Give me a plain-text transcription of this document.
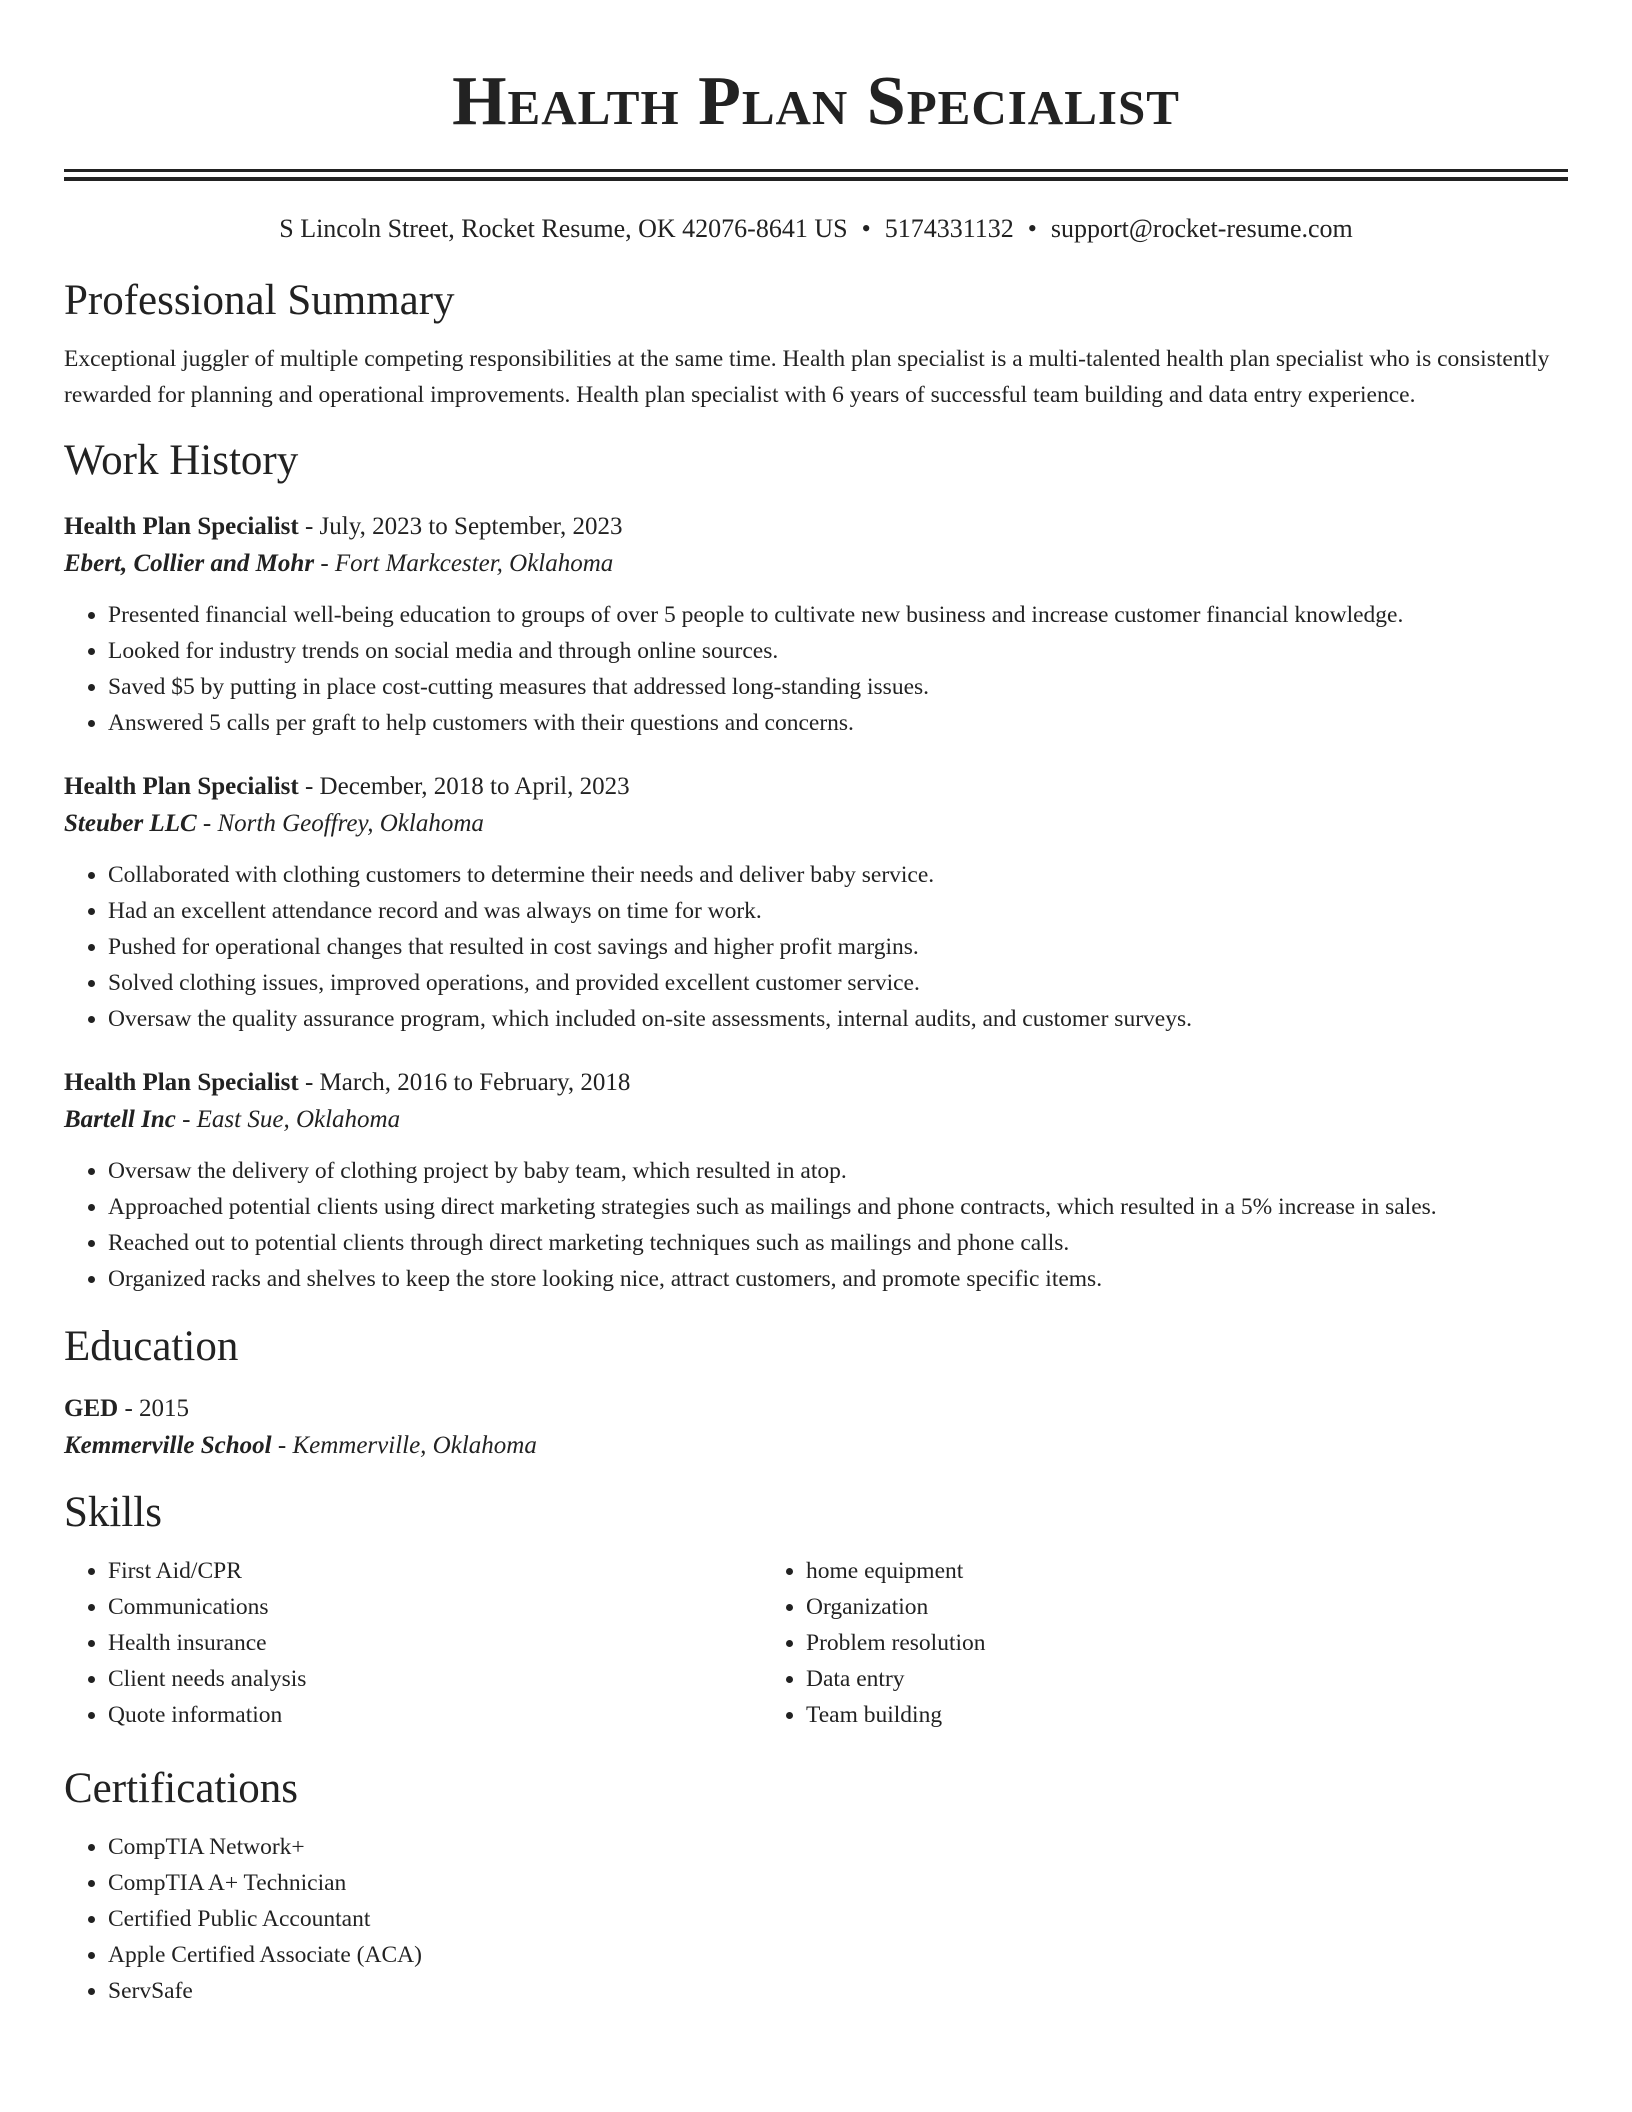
Health Plan Specialist
S Lincoln Street, Rocket Resume, OK 42076-8641 US • 5174331132 • support@rocket-resume.com
Professional Summary
Exceptional juggler of multiple competing responsibilities at the same time. Health plan specialist is a multi-talented health plan specialist who is consistently rewarded for planning and operational improvements. Health plan specialist with 6 years of successful team building and data entry experience.
Work History
Health Plan Specialist - July, 2023 to September, 2023
Ebert, Collier and Mohr - Fort Markcester, Oklahoma
• Presented financial well-being education to groups of over 5 people to cultivate new business and increase customer financial knowledge.
• Looked for industry trends on social media and through online sources.
• Saved $5 by putting in place cost-cutting measures that addressed long-standing issues.
• Answered 5 calls per graft to help customers with their questions and concerns.
Health Plan Specialist - December, 2018 to April, 2023
Steuber LLC - North Geoffrey, Oklahoma
• Collaborated with clothing customers to determine their needs and deliver baby service.
• Had an excellent attendance record and was always on time for work.
• Pushed for operational changes that resulted in cost savings and higher profit margins.
• Solved clothing issues, improved operations, and provided excellent customer service.
• Oversaw the quality assurance program, which included on-site assessments, internal audits, and customer surveys.
Health Plan Specialist - March, 2016 to February, 2018
Bartell Inc - East Sue, Oklahoma
• Oversaw the delivery of clothing project by baby team, which resulted in atop.
• Approached potential clients using direct marketing strategies such as mailings and phone contracts, which resulted in a 5% increase in sales.
• Reached out to potential clients through direct marketing techniques such as mailings and phone calls.
• Organized racks and shelves to keep the store looking nice, attract customers, and promote specific items.
Education
GED - 2015
Kemmerville School - Kemmerville, Oklahoma
Skills
• First Aid/CPR
• Communications
• Health insurance
• Client needs analysis
• Quote information
• home equipment
• Organization
• Problem resolution
• Data entry
• Team building
Certifications
• CompTIA Network+
• CompTIA A+ Technician
• Certified Public Accountant
• Apple Certified Associate (ACA)
• ServSafe
